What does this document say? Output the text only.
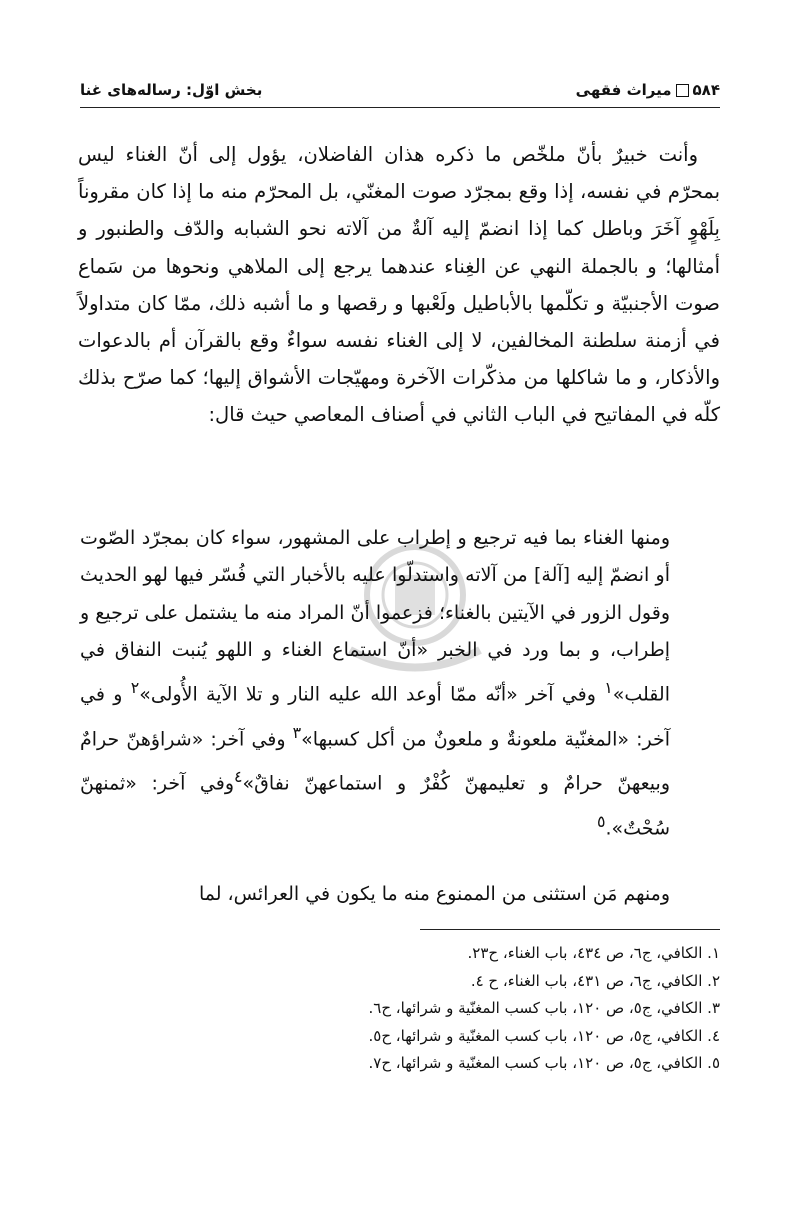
۵۸۴
میراث فقهی
بخش اوّل: رساله‌های غنا

وأنت خبيرٌ بأنّ ملخّص ما ذكره هذان الفاضلان، يؤول إلى أنّ الغناء ليس بمحرّم في نفسه، إذا وقع بمجرّد صوت المغنّي، بل المحرّم منه ما إذا كان مقروناً بِلَهْوٍ آخَرَ وباطل كما إذا انضمّ إليه آلةٌ من آلاته نحو الشبابه والدّف والطنبور و أمثالها؛ و بالجملة النهي عن الغِناء عندهما يرجع إلى الملاهي ونحوها من سَماع صوت الأجنبيّة و تكلّمها بالأباطيل ولَعْبها و رقصها و ما أشبه ذلك، ممّا كان متداولاً في أزمنة سلطنة المخالفين، لا إلى الغناء نفسه سواءٌ وقع بالقرآن أم بالدعوات والأذكار، و ما شاكلها من مذكّرات الآخرة ومهيّجات الأشواق إليها؛ كما صرّح بذلك كلّه في المفاتيح في الباب الثاني في أصناف المعاصي حيث قال:

ومنها الغناء بما فيه ترجيع و إطراب على المشهور، سواء كان بمجرّد الصّوت أو انضمّ إليه [آلة] من آلاته واستدلّوا عليه بالأخبار التي فُسّر فيها لهو الحديث وقول الزور في الآيتين بالغناء؛ فزعموا أنّ المراد منه ما يشتمل على ترجيع و إطراب، و بما ورد في الخبر «أنّ استماع الغناء و اللهو يُنبت النفاق في القلب»$^١$ وفي آخر «أنّه ممّا أوعد الله عليه النار و تلا الآية الأُولى»$^٢$ و في آخر: «المغنّية ملعونةٌ و ملعونٌ من أكل كسبها»$^٣$ وفي آخر: «شراؤهنّ حرامٌ وبيعهنّ حرامٌ و تعليمهنّ كُفْرٌ و استماعهنّ نفاقٌ»$^٤$وفي آخر: «ثمنهنّ سُحْتٌ».$^٥$

ومنهم مَن استثنى من الممنوع منه ما يكون في العرائس، لما

١. الكافي، ج٦، ص ٤٣٤، باب الغناء، ح٢٣.
٢. الكافي، ج٦، ص ٤٣١، باب الغناء، ح ٤.
٣. الكافي، ج٥، ص ١٢٠، باب كسب المغنّية و شرائها، ح٦.
٤. الكافي، ج٥، ص ١٢٠، باب كسب المغنّية و شرائها، ح٥.
٥. الكافي، ج٥، ص ١٢٠، باب كسب المغنّية و شرائها، ح٧.
